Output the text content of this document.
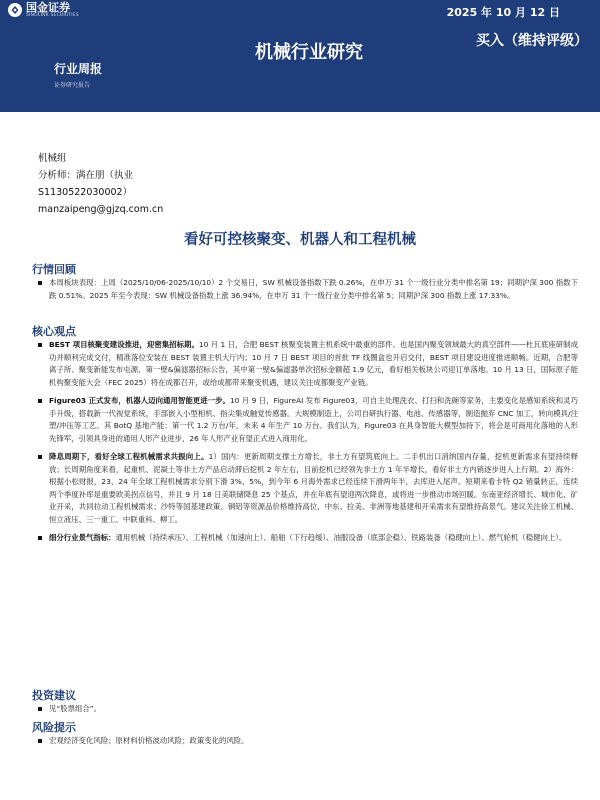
国金证券
SINOLINK SECURITIES	2025 年 10 月 12 日
机械行业研究
买入（维持评级）
行业周报
证券研究报告
机械组
分析师：满在朋（执业
S1130522030002）
manzaipeng@gjzq.com.cn
看好可控核聚变、机器人和工程机械
行情回顾
本周板块表现：上周（2025/10/06-2025/10/10）2 个交易日，SW 机械设备指数下跌 0.26%，在申万 31 个一级行业分类中排名第 19；同期沪深 300 指数下跌 0.51%。2025 年至今表现：SW 机械设备指数上涨 36.94%，在申万 31 个一级行业分类中排名第 5；同期沪深 300 指数上涨 17.33%。
核心观点
BEST 项目核聚变建设推进，迎密集招标期。10 月 1 日，合肥 BEST 核聚变装置主机系统中最重的部件、也是国内聚变领域最大的真空部件——杜瓦底座研制成功并顺利完成交付，精准落位安装在 BEST 装置主机大厅内；10 月 7 日 BEST 项目的首批 TF 线圈盒也开启交付，BEST 项目建设进度推进顺畅。近期，合肥等离子所、聚变新能发布屯源、第一壁&偏滤器招标公告，其中第一壁&偏滤器单次招标金额超 1.9 亿元，看好相关板块公司迎订单落地。10 月 13 日，国际原子能机构聚变能大会（FEC 2025）将在成都召开，或给成都带来聚变机遇，建议关注成都聚变产业链。
Figure03 正式发布，机器人迈向通用智能更进一步。10 月 9 日，FigureAI 发布 Figure03，可自主处理洗衣、打扫和洗碗等家务，主要变化是感知系统和灵巧手升级，搭载新一代视觉系统，手部嵌入小型相机、指尖集成触觉传感器。大规模制造上，公司自研执行器、电池、传感器等，制造抛弃 CNC 加工，转向模具/注塑/冲压等工艺。其 BotQ 基地产能：第一代 1.2 万台/年，未来 4 年生产 10 万台。我们认为，Figure03 在具身智能大模型加持下，将会是可商用化落地的人形先锋军，引领具身进的通用人形产业进步，26 年人形产业有望正式进入商用化。
降息周期下，看好全球工程机械需求共振向上。1）国内：更新周期支撑土方增长，非土方有望筑底向上。二手机出口消纳国内存量，挖机更新需求有望持续释放；长周期角度来看，起重机、泥凝土等非土方产品启动滞后挖机 2 年左右，目前挖机已经领先非土方 1 年半增长，看好非土方内销逐步进入上行期。2）海外：根据小松财报，23、24 年全球工程机械需求分别下滑 3%、5%，到今年 6 月海外需求已经连续下滑两年半，去库进入尾声。短期来看卡特 Q2 销量转正，连续两个季度补库是重要欧美拐点信号，并且 9 月 18 日美联储降息 25 个基点，并在年底有望迎两次降息，或将进一步推动市场回暖。东南亚经济增长、城市化、矿业开采，共同拉动工程机械需求；沙特等国基建政策、铜铝等资源品价格维持高位，中东、拉美、非洲等地基建和开采需求有望维持高景气。建议关注徐工机械、恒立液压、三一重工、中联重科、柳工。
细分行业景气指标：通用机械（持续承压）、工程机械（加速向上）、船舶（下行趋缓）、油服设备（底部企稳）、铁路装备（稳健向上）、燃气轮机（稳健向上）。
投资建议
见“股票组合”。
风险提示
宏观经济变化风险；原材料价格波动风险；政策变化的风险。
